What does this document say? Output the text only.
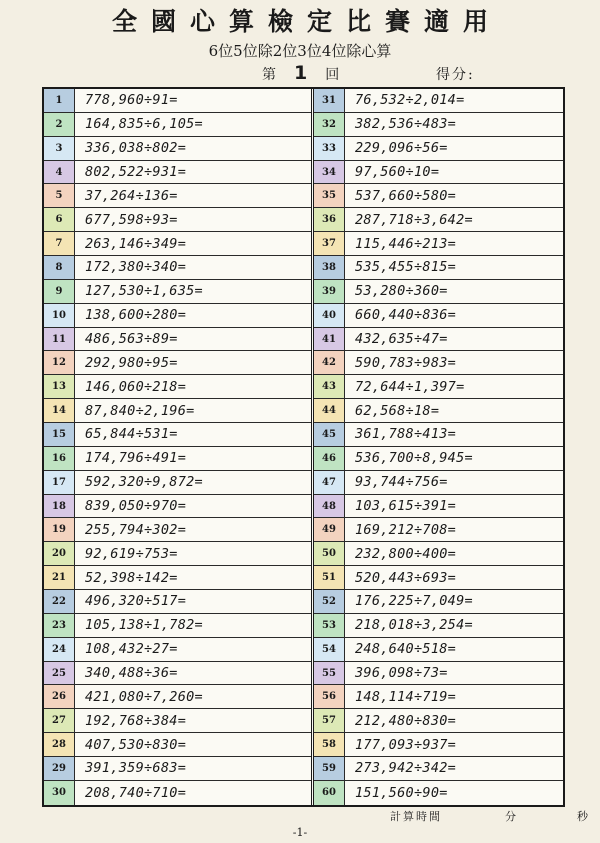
全國心算檢定比賽適用
6位5位除2位3位4位除心算
第 1 回	得分:
1	778,960÷91=
2	164,835÷6,105=
3	336,038÷802=
4	802,522÷931=
5	37,264÷136=
6	677,598÷93=
7	263,146÷349=
8	172,380÷340=
9	127,530÷1,635=
10	138,600÷280=
11	486,563÷89=
12	292,980÷95=
13	146,060÷218=
14	87,840÷2,196=
15	65,844÷531=
16	174,796÷491=
17	592,320÷9,872=
18	839,050÷970=
19	255,794÷302=
20	92,619÷753=
21	52,398÷142=
22	496,320÷517=
23	105,138÷1,782=
24	108,432÷27=
25	340,488÷36=
26	421,080÷7,260=
27	192,768÷384=
28	407,530÷830=
29	391,359÷683=
30	208,740÷710=
31	76,532÷2,014=
32	382,536÷483=
33	229,096÷56=
34	97,560÷10=
35	537,660÷580=
36	287,718÷3,642=
37	115,446÷213=
38	535,455÷815=
39	53,280÷360=
40	660,440÷836=
41	432,635÷47=
42	590,783÷983=
43	72,644÷1,397=
44	62,568÷18=
45	361,788÷413=
46	536,700÷8,945=
47	93,744÷756=
48	103,615÷391=
49	169,212÷708=
50	232,800÷400=
51	520,443÷693=
52	176,225÷7,049=
53	218,018÷3,254=
54	248,640÷518=
55	396,098÷73=
56	148,114÷719=
57	212,480÷830=
58	177,093÷937=
59	273,942÷342=
60	151,560÷90=
計算時間	分	秒
-1-
